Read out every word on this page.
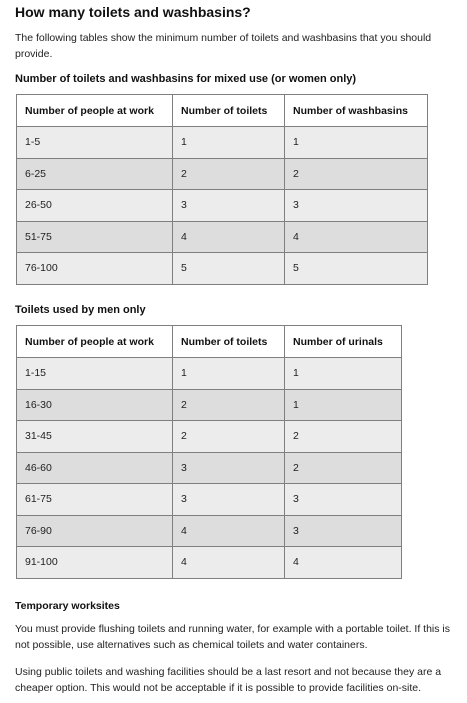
How many toilets and washbasins?

The following tables show the minimum number of toilets and washbasins that you should provide.

Number of toilets and washbasins for mixed use (or women only)

Number of people at work	Number of toilets	Number of washbasins
1-5	1	1
6-25	2	2
26-50	3	3
51-75	4	4
76-100	5	5

Toilets used by men only

Number of people at work	Number of toilets	Number of urinals
1-15	1	1
16-30	2	1
31-45	2	2
46-60	3	2
61-75	3	3
76-90	4	3
91-100	4	4

Temporary worksites

You must provide flushing toilets and running water, for example with a portable toilet. If this is not possible, use alternatives such as chemical toilets and water containers.

Using public toilets and washing facilities should be a last resort and not because they are a cheaper option. This would not be acceptable if it is possible to provide facilities on-site.
